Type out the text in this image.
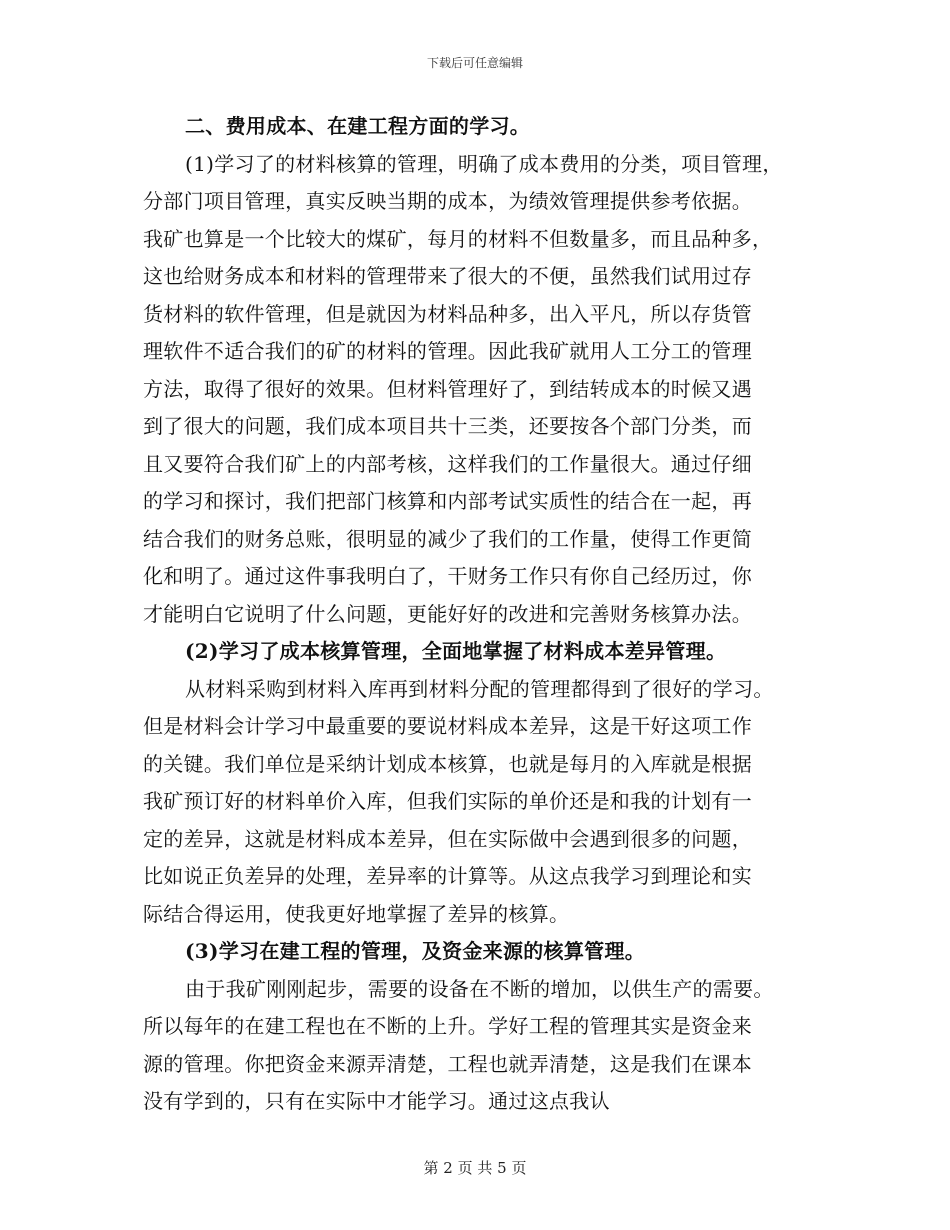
下载后可任意编辑
二、费用成本、在建工程方面的学习。
(1)学习了的材料核算的管理，明确了成本费用的分类，项目管理，
分部门项目管理，真实反映当期的成本，为绩效管理提供参考依据。
我矿也算是一个比较大的煤矿，每月的材料不但数量多，而且品种多，
这也给财务成本和材料的管理带来了很大的不便，虽然我们试用过存
货材料的软件管理，但是就因为材料品种多，出入平凡，所以存货管
理软件不适合我们的矿的材料的管理。因此我矿就用人工分工的管理
方法，取得了很好的效果。但材料管理好了，到结转成本的时候又遇
到了很大的问题，我们成本项目共十三类，还要按各个部门分类，而
且又要符合我们矿上的内部考核，这样我们的工作量很大。通过仔细
的学习和探讨，我们把部门核算和内部考试实质性的结合在一起，再
结合我们的财务总账，很明显的减少了我们的工作量，使得工作更简
化和明了。通过这件事我明白了，干财务工作只有你自己经历过，你
才能明白它说明了什么问题，更能好好的改进和完善财务核算办法。
(2)学习了成本核算管理，全面地掌握了材料成本差异管理。
从材料采购到材料入库再到材料分配的管理都得到了很好的学习。
但是材料会计学习中最重要的要说材料成本差异，这是干好这项工作
的关键。我们单位是采纳计划成本核算，也就是每月的入库就是根据
我矿预订好的材料单价入库，但我们实际的单价还是和我的计划有一
定的差异，这就是材料成本差异，但在实际做中会遇到很多的问题，
比如说正负差异的处理，差异率的计算等。从这点我学习到理论和实
际结合得运用，使我更好地掌握了差异的核算。
(3)学习在建工程的管理，及资金来源的核算管理。
由于我矿刚刚起步，需要的设备在不断的增加，以供生产的需要。
所以每年的在建工程也在不断的上升。学好工程的管理其实是资金来
源的管理。你把资金来源弄清楚，工程也就弄清楚，这是我们在课本
没有学到的，只有在实际中才能学习。通过这点我认
第 2 页 共 5 页
